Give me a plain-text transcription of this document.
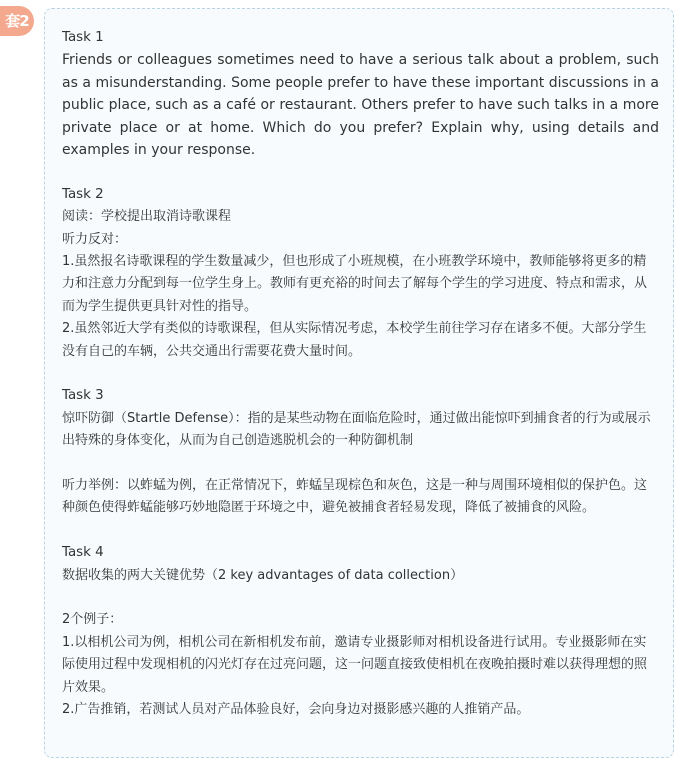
套2
Task 1

Friends or colleagues sometimes need to have a serious talk about a problem, such as a misunderstanding. Some people prefer to have these important discussions in a public place, such as a café or restaurant. Others prefer to have such talks in a more private place or at home. Which do you prefer? Explain why, using details and examples in your response.

Task 2
阅读：学校提出取消诗歌课程
听力反对：
1.虽然报名诗歌课程的学生数量减少，但也形成了小班规模，在小班教学环境中，教师能够将更多的精力和注意力分配到每一位学生身上。教师有更充裕的时间去了解每个学生的学习进度、特点和需求，从而为学生提供更具针对性的指导。
2.虽然邻近大学有类似的诗歌课程，但从实际情况考虑，本校学生前往学习存在诸多不便。大部分学生没有自己的车辆，公共交通出行需要花费大量时间。
Task 3
惊吓防御（Startle Defense）：指的是某些动物在面临危险时，通过做出能惊吓到捕食者的行为或展示出特殊的身体变化，从而为自己创造逃脱机会的一种防御机制
听力举例：以蚱蜢为例，在正常情况下，蚱蜢呈现棕色和灰色，这是一种与周围环境相似的保护色。这种颜色使得蚱蜢能够巧妙地隐匿于环境之中，避免被捕食者轻易发现，降低了被捕食的风险。
Task 4
数据收集的两大关键优势（2 key advantages of data collection）
2个例子：
1.以相机公司为例，相机公司在新相机发布前，邀请专业摄影师对相机设备进行试用。专业摄影师在实际使用过程中发现相机的闪光灯存在过亮问题，这一问题直接致使相机在夜晚拍摄时难以获得理想的照片效果。
2.广告推销，若测试人员对产品体验良好，会向身边对摄影感兴趣的人推销产品。
